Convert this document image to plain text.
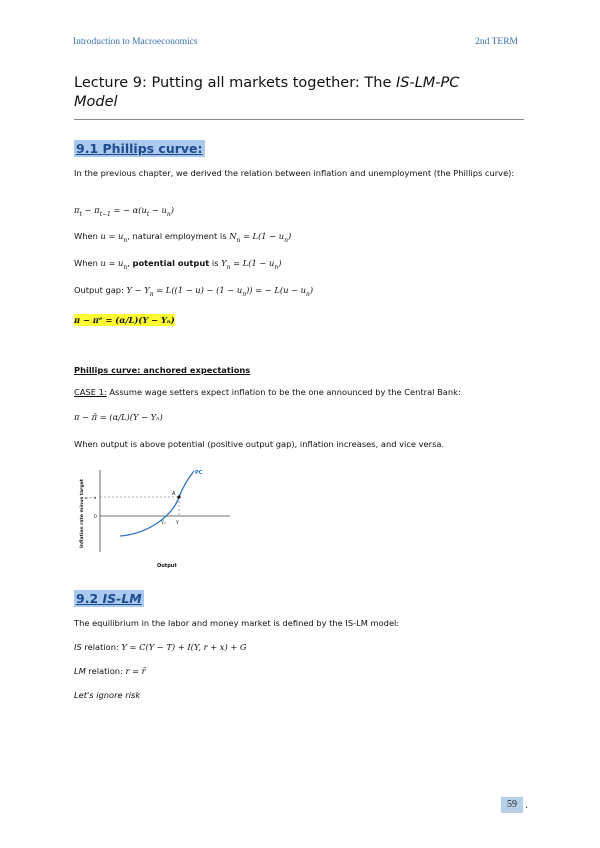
Introduction to Macroeconomics	2nd TERM
Lecture 9: Putting all markets together: The IS-LM-PC
Model
9.1 Phillips curve:
In the previous chapter, we derived the relation between inflation and unemployment (the Phillips curve):
$\pi_t - \pi_{t-1}$ = − $\alpha(u_t - u_n)$
When $u = u_n$, natural employment is $N_n = L(1 - u_n)$
When $u = u_n$, potential output is $Y_n = L(1 - u_n)$
Output gap: $Y - Y_n = L((1 - u) - (1 - u_n))$ = − $L(u - u_n)$
π − πᵉ = (α/L)(Y − Yₙ)
Phillips curve: anchored expectations
CASE 1: Assume wage setters expect inflation to be the one announced by the Central Bank:
π − π̄ = (α/L)(Y − Yₙ)
When output is above potential (positive output gap), inflation increases, and vice versa.
PC
A
π − π̄
0
Yₙ Y
Output
Inflation rate minus target
9.2 IS-LM
The equilibrium in the labor and money market is defined by the IS-LM model:
IS relation: Y = C(Y − T) + I(Y, r + x) + G
LM relation: r = r̄
Let's ignore risk
59 .
